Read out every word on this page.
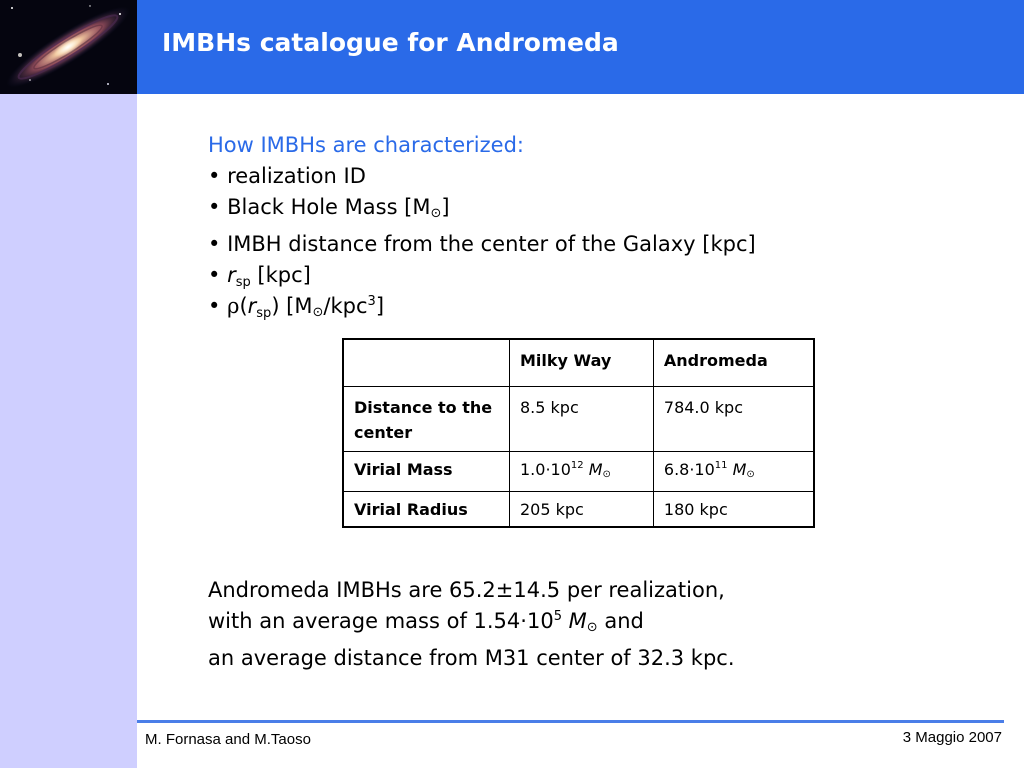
IMBHs catalogue for Andromeda
How IMBHs are characterized:
• realization ID
• Black Hole Mass [M⊙]
• IMBH distance from the center of the Galaxy [kpc]
• $r_{sp}$ [kpc]
• $\rho(r_{sp})$ [M⊙/kpc$^3$]
	Milky Way	Andromeda
Distance to the center	8.5 kpc	784.0 kpc
Virial Mass	$1.0\cdot 10^{12}$ M⊙	$6.8\cdot 10^{11}$ M⊙
Virial Radius	205 kpc	180 kpc
Andromeda IMBHs are 65.2±14.5 per realization,
with an average mass of $1.54\cdot 10^5$ M⊙ and
an average distance from M31 center of 32.3 kpc.
M. Fornasa and M.Taoso	3 Maggio 2007
